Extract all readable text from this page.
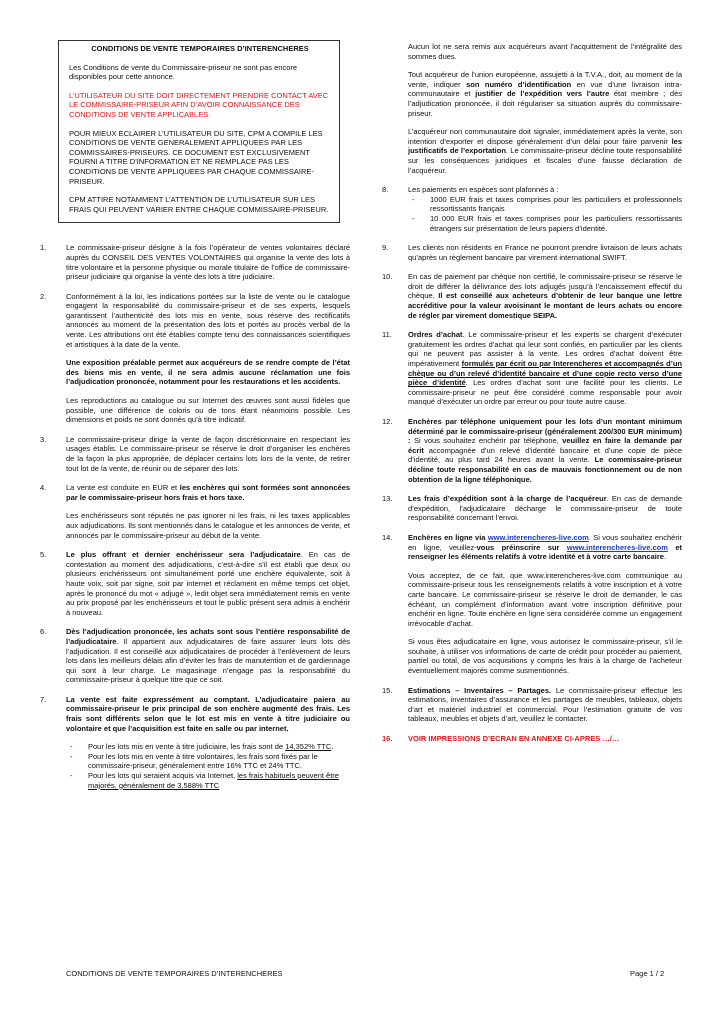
CONDITIONS DE VENTE TEMPORAIRES D’INTERENCHERES

Les Conditions de vente du Commissaire-priseur ne sont pas encore disponibles pour cette annonce.

L’UTILISATEUR DU SITE DOIT DIRECTEMENT PRENDRE CONTACT AVEC LE COMMISSAIRE-PRISEUR AFIN D’AVOIR CONNAISSANCE DES CONDITIONS DE VENTE APPLICABLES.

POUR MIEUX ECLAIRER L’UTILISATEUR DU SITE, CPM A COMPILE LES CONDITIONS DE VENTE GENERALEMENT APPLIQUEES PAR LES COMMISSAIRES-PRISEURS. CE DOCUMENT EST EXCLUSIVEMENT FOURNI A TITRE D’INFORMATION ET NE REMPLACE PAS LES CONDITIONS DE VENTE APPLIQUEES PAR CHAQUE COMMISSAIRE-PRISEUR.

CPM ATTIRE NOTAMMENT L’ATTENTION DE L’UTILISATEUR SUR LES FRAIS QUI PEUVENT VARIER ENTRE CHAQUE COMMISSAIRE-PRISEUR.

1.	Le commissaire-priseur désigne à la fois l’opérateur de ventes volontaires déclaré auprès du CONSEIL DES VENTES VOLONTAIRES qui organise la vente des lots à titre volontaire et la personne physique ou morale titulaire de l’office de commissaire-priseur judiciaire qui organise la vente des lots à titre judiciaire.

2.	Conformément à la loi, les indications portées sur la liste de vente ou le catalogue engagent la responsabilité du commissaire-priseur et de ses experts, lesquels garantissent l’authenticité des lots mis en vente, sous réserve des rectificatifs annoncés au moment de la présentation des lots et portés au procès verbal de la vente. Les attributions ont été établies compte tenu des connaissances scientifiques et artistiques à la date de la vente.

Une exposition préalable permet aux acquéreurs de se rendre compte de l’état des biens mis en vente, il ne sera admis aucune réclamation une fois l’adjudication prononcée, notamment pour les restaurations et les accidents.

Les reproductions au catalogue ou sur Internet des œuvres sont aussi fidèles que possible, une différence de coloris ou de tons étant néanmoins possible. Les dimensions et poids ne sont donnés qu’à titre indicatif.

3.	Le commissaire-priseur dirige la vente de façon discrétionnaire en respectant les usages établis. Le commissaire-priseur se réserve le droit d’organiser les enchères de la façon la plus appropriée, de déplacer certains lots lors de la vente, de retirer tout lot de la vente, de réunir ou de séparer des lots.

4.	La vente est conduite en EUR et les enchères qui sont formées sont annoncées par le commissaire-priseur hors frais et hors taxe.

Les enchérisseurs sont réputés ne pas ignorer ni les frais, ni les taxes applicables aux adjudications. Ils sont mentionnés dans le catalogue et les annonces de vente, et annoncés par le commissaire-priseur au début de la vente.

5.	Le plus offrant et dernier enchérisseur sera l’adjudicataire. En cas de contestation au moment des adjudications, c’est-à-dire s’il est établi que deux ou plusieurs enchérisseurs ont simultanément porté une enchère équivalente, soit à haute voix, soit par signe, soit par internet et réclament en même temps cet objet, après le prononcé du mot « adjugé », ledit objet sera immédiatement remis en vente au prix proposé par les enchérisseurs et tout le public présent sera admis à enchérir à nouveau.

6.	Dès l’adjudication prononcée, les achats sont sous l’entière responsabilité de l’adjudicataire. Il appartient aux adjudicataires de faire assurer leurs lots dès l’adjudication. Il est conseillé aux adjudicataires de procéder à l’enlèvement de leurs lots dans les meilleurs délais afin d’éviter les frais de manutention et de gardiennage qui sont à leur charge. Le magasinage n’engage pas la responsabilité du commissaire-priseur à quelque titre que ce soit.

7.	La vente est faite expressément au comptant. L’adjudicataire paiera au commissaire-priseur le prix principal de son enchère augmenté des frais. Les frais sont différents selon que le lot est mis en vente à titre judiciaire ou volontaire et que l’acquisition est faite en salle ou par internet.

- Pour les lots mis en vente à titre judiciaire, les frais sont de 14,352% TTC.
- Pour les lots mis en vente à titre volontaires, les frais sont fixés par le commissaire-priseur, généralement entre 16% TTC et 24% TTC.
- Pour les lots qui seraient acquis via Internet, les frais habituels peuvent être majorés, généralement de 3,588% TTC

Aucun lot ne sera remis aux acquéreurs avant l’acquittement de l’intégralité des sommes dues.

Tout acquéreur de l’union européenne, assujetti à la T.V.A., doit, au moment de la vente, indiquer son numéro d’identification en vue d’une livraison intra-communautaire et justifier de l’expédition vers l’autre état membre ; dès l’adjudication prononcée, il doit régulariser sa situation auprès du commissaire-priseur.

L’acquéreur non communautaire doit signaler, immédiatement après la vente, son intention d’exporter et dispose généralement d’un délai pour faire parvenir les justificatifs de l’exportation. Le commissaire-priseur décline toute responsabilité sur les conséquences juridiques et fiscales d’une fausse déclaration de l’acquéreur.

8.	Les paiements en espèces sont plafonnés à :

- 1000 EUR frais et taxes comprises pour les particuliers et professionnels ressortissants français

- 10 000 EUR frais et taxes comprises pour les particuliers ressortissants étrangers sur présentation de leurs papiers d’identité.

9.	Les clients non résidents en France ne pourront prendre livraison de leurs achats qu’après un règlement bancaire par virement international SWIFT.

10. En cas de paiement par chèque non certifié, le commissaire-priseur se réserve le droit de différer la délivrance des lots adjugés jusqu’à l’encaissement effectif du chèque. Il est conseillé aux acheteurs d’obtenir de leur banque une lettre accréditive pour la valeur avoisinant le montant de leurs achats ou encore de régler par virement domestique SEIPA.

11. Ordres d’achat. Le commissaire-priseur et les experts se chargent d’exécuter gratuitement les ordres d’achat qui leur sont confiés, en particulier par les clients qui ne peuvent pas assister à la vente. Les ordres d’achat doivent être impérativement formulés par écrit ou par Interencheres et accompagnés d’un chèque ou d’un relevé d’identité bancaire et d’une copie recto verso d’une pièce d’identité. Les ordres d’achat sont une facilité pour les clients. Le commissaire-priseur ne peut être considéré comme responsable pour avoir manqué d’exécuter un ordre par erreur ou pour toute autre cause.

12. Enchères par téléphone uniquement pour les lots d’un montant minimum déterminé par le commissaire-priseur (généralement 200/300 EUR minimum) : Si vous souhaitez enchérir par téléphone, veuillez en faire la demande par écrit accompagnée d’un relevé d’identité bancaire et d’une copie de pièce d’identité, au plus tard 24 heures avant la vente. Le commissaire-priseur décline toute responsabilité en cas de mauvais fonctionnement ou de non obtention de la ligne téléphonique.

13. Les frais d’expédition sont à la charge de l’acquéreur. En cas de demande d’expédition, l’adjudicataire décharge le commissaire-priseur de toute responsabilité concernant l’envoi.

14. Enchères en ligne via www.interencheres-live.com. Si vous souhaitez enchérir en ligne, veuillez-vous préinscrire sur www.interencheres-live.com et renseigner les éléments relatifs à votre identité et à votre carte bancaire.

Vous acceptez, de ce fait, que www.interencheres-live.com communique au commissaire-priseur tous les renseignements relatifs à votre inscription et à votre carte bancaire. Le commissaire-priseur se réserve le droit de demander, le cas échéant, un complément d’information avant votre inscription définitive pour enchérir en ligne. Toute enchère en ligne sera considérée comme un engagement irrévocable d’achat.

Si vous êtes adjudicataire en ligne, vous autorisez le commissaire-priseur, s’il le souhaite, à utiliser vos informations de carte de crédit pour procéder au paiement, partiel ou total, de vos acquisitions y compris les frais à la charge de l’acheteur éventuellement majorés comme susmentionnés.

15. Estimations – Inventaires – Partages. Le commissaire-priseur effectue les estimations, inventaires d’assurance et les partages de meubles, tableaux, objets d’art et matériel industriel et commercial. Pour l’estimation gratuite de vos tableaux, meubles et objets d’art, veuillez le contacter.

16. VOIR IMPRESSIONS D’ECRAN EN ANNEXE CI-APRES …/…

CONDITIONS DE VENTE TEMPORAIRES D’INTERENCHERES	Page 1 / 2
